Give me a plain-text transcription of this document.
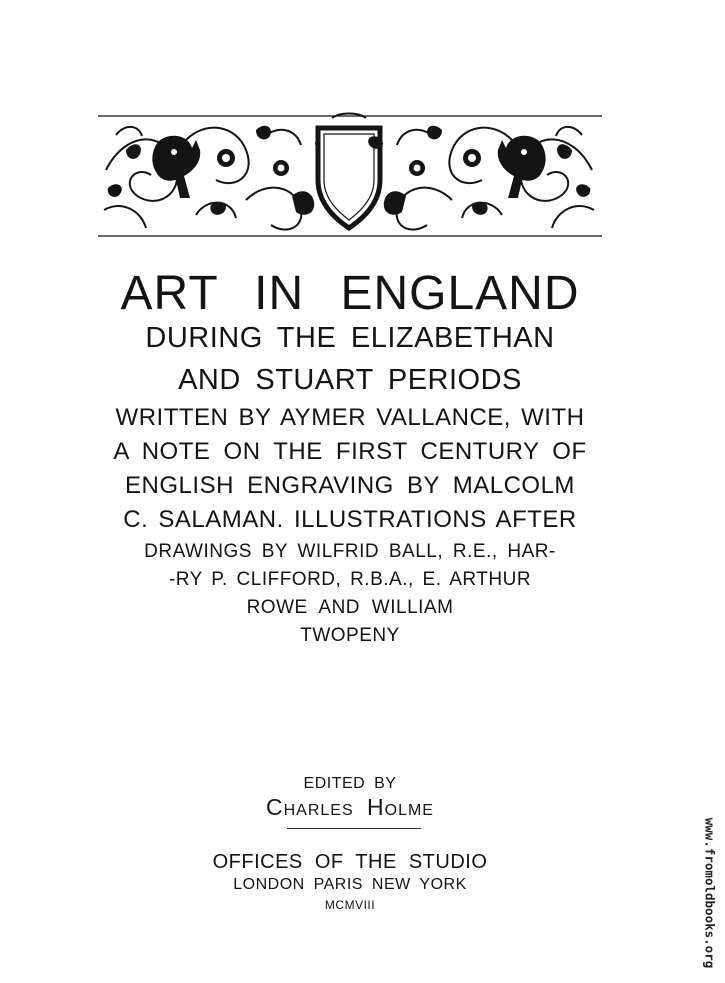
ART IN ENGLAND
DURING THE ELIZABETHAN
AND STUART PERIODS
WRITTEN BY AYMER VALLANCE, WITH
A NOTE ON THE FIRST CENTURY OF
ENGLISH ENGRAVING BY MALCOLM
C. SALAMAN. ILLUSTRATIONS AFTER
DRAWINGS BY WILFRID BALL, R.E., HAR-
-RY P. CLIFFORD, R.B.A., E. ARTHUR
ROWE AND WILLIAM
TWOPENY
EDITED BY
Charles Holme
OFFICES OF THE STUDIO
LONDON PARIS NEW YORK
MCMVIII	www.fromoldbooks.org
